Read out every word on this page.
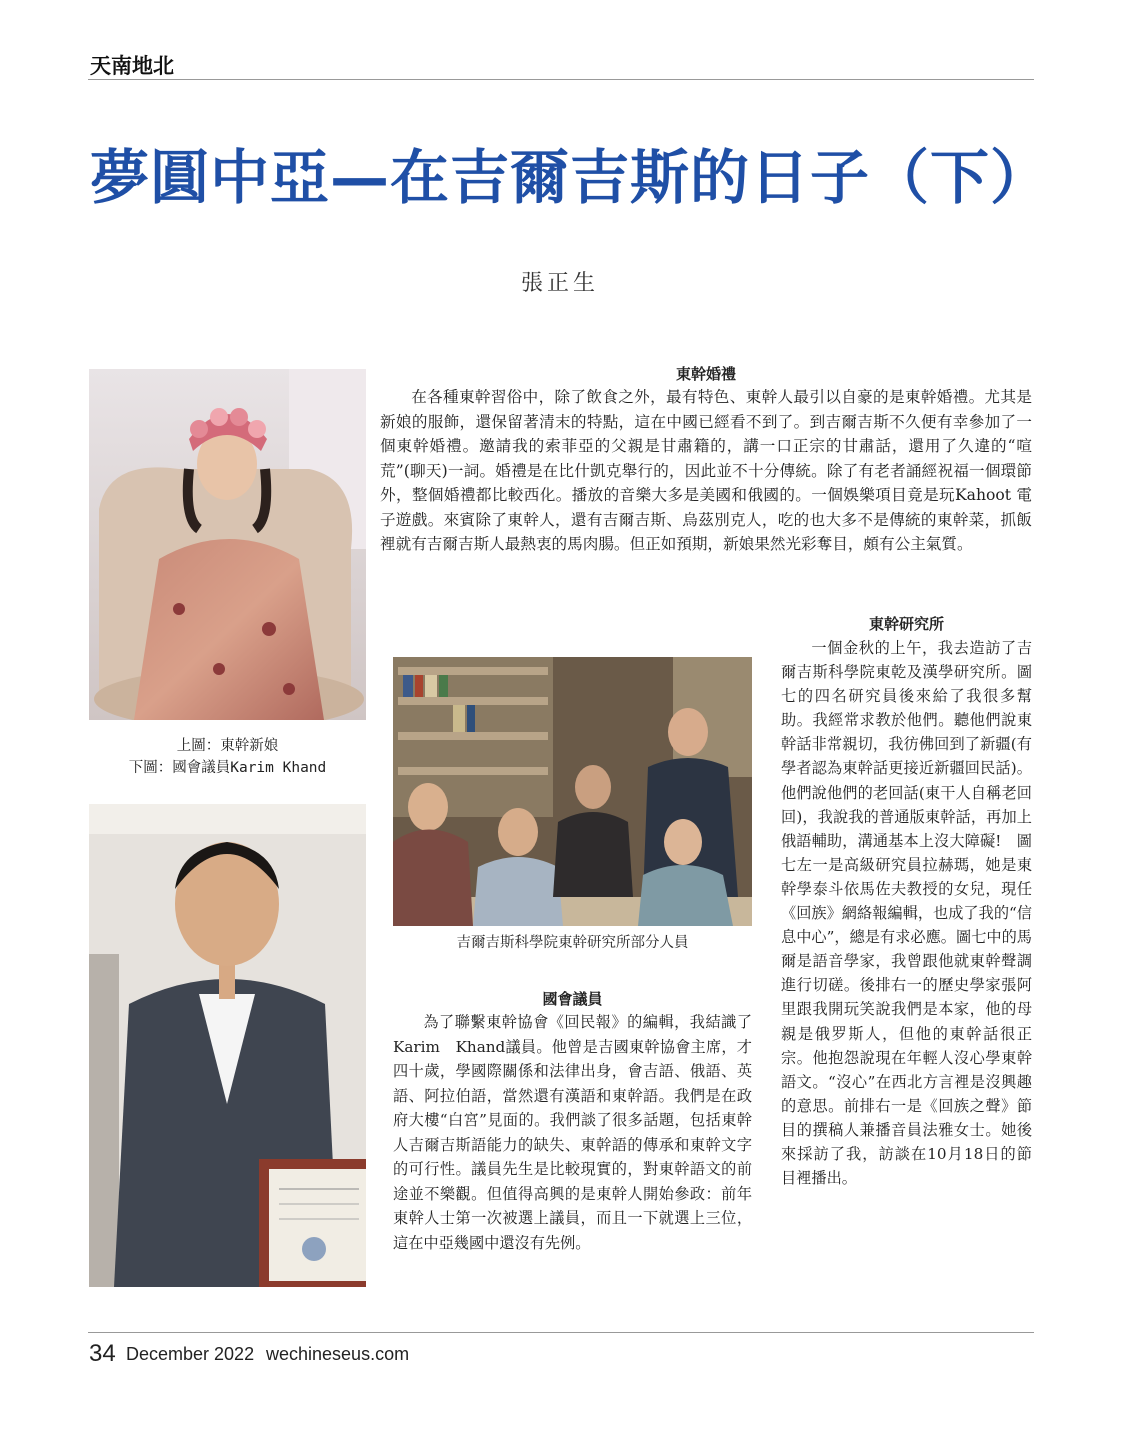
天南地北
夢圓中亞—在吉爾吉斯的日子（下）
張正生
上圖：東幹新娘
下圖：國會議員Karim Khand
東幹婚禮

在各種東幹習俗中，除了飲食之外，最有特色、東幹人最引以自豪的是東幹婚禮。尤其是新娘的服飾，還保留著清末的特點，這在中國已經看不到了。到吉爾吉斯不久便有幸參加了一個東幹婚禮。邀請我的索菲亞的父親是甘肅籍的，講一口正宗的甘肅話，還用了久違的“喧荒”(聊天)一詞。婚禮是在比什凱克舉行的，因此並不十分傳統。除了有老者誦經祝福一個環節外，整個婚禮都比較西化。播放的音樂大多是美國和俄國的。一個娛樂項目竟是玩Kahoot 電子遊戲。來賓除了東幹人，還有吉爾吉斯、烏茲別克人，吃的也大多不是傳統的東幹菜，抓飯裡就有吉爾吉斯人最熱衷的馬肉腸。但正如預期，新娘果然光彩奪目，頗有公主氣質。

吉爾吉斯科學院東幹研究所部分人員
東幹研究所

一個金秋的上午，我去造訪了吉爾吉斯科學院東乾及漢學研究所。圖七的四名研究員後來給了我很多幫助。我經常求教於他們。聽他們說東幹話非常親切，我彷佛回到了新疆(有學者認為東幹話更接近新疆回民話)。他們說他們的老回話(東干人自稱老回回)，我說我的普通版東幹話，再加上俄語輔助，溝通基本上沒大障礙!　圖七左一是高級研究員拉赫瑪，她是東幹學泰斗依馬佐夫教授的女兒，現任《回族》網絡報編輯，也成了我的“信息中心”，總是有求必應。圖七中的馬爾是語音學家，我曾跟他就東幹聲調進行切磋。後排右一的歷史學家張阿里跟我開玩笑說我們是本家，他的母親是俄罗斯人，但他的東幹話很正宗。他抱怨說現在年輕人沒心學東幹語文。“沒心”在西北方言裡是沒興趣的意思。前排右一是《回族之聲》節目的撰稿人兼播音員法雅女士。她後來採訪了我，訪談在10月18日的節目裡播出。

國會議員

為了聯繫東幹協會《回民報》的編輯，我結識了Karim　Khand議員。他曾是吉國東幹協會主席，才四十歲，學國際關係和法律出身，會吉語、俄語、英語、阿拉伯語，當然還有漢語和東幹語。我們是在政府大樓“白宮”見面的。我們談了很多話題，包括東幹人吉爾吉斯語能力的缺失、東幹語的傳承和東幹文字的可行性。議員先生是比較現實的，對東幹語文的前途並不樂觀。但值得高興的是東幹人開始參政：前年東幹人士第一次被選上議員，而且一下就選上三位，這在中亞幾國中還沒有先例。

34 December 2022 wechineseus.com
